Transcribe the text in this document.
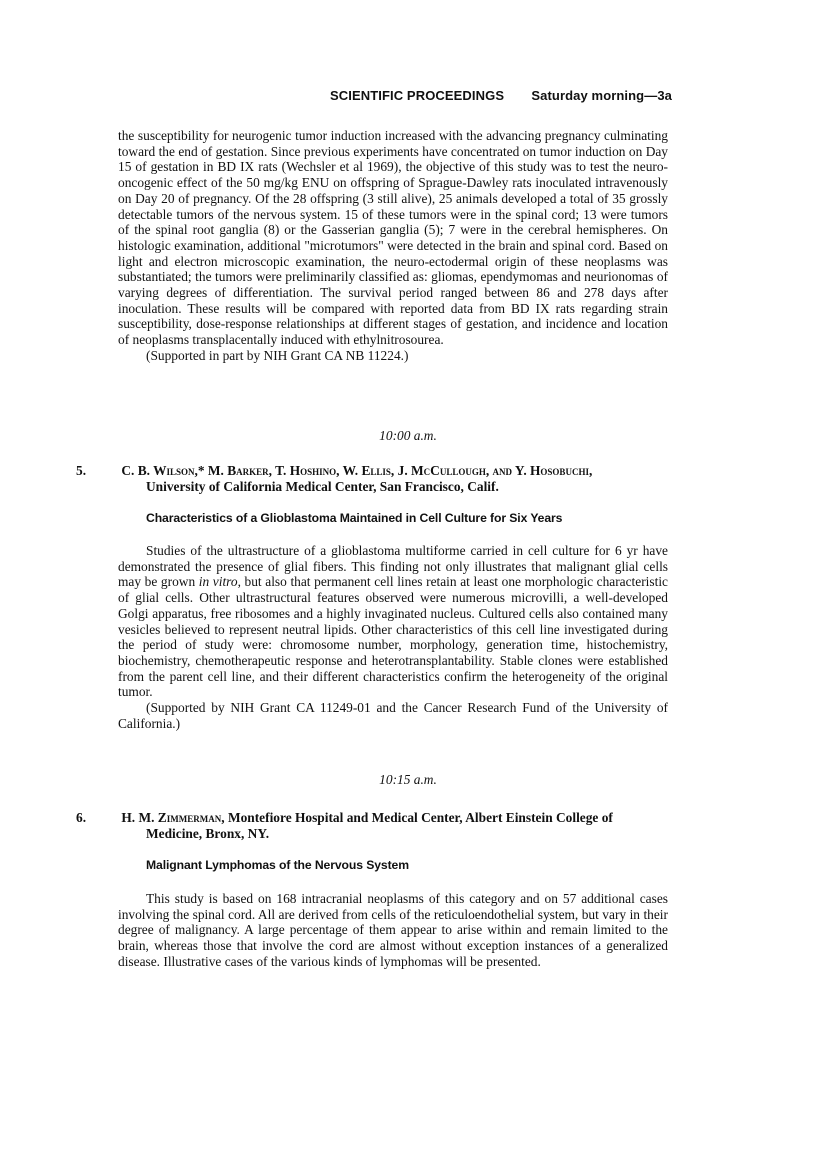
SCIENTIFIC PROCEEDINGS Saturday morning—3a

the susceptibility for neurogenic tumor induction increased with the advancing pregnancy culminating toward the end of gestation. Since previous experiments have concentrated on tumor induction on Day 15 of gestation in BD IX rats (Wechsler et al 1969), the objective of this study was to test the neuro-oncogenic effect of the 50 mg/kg ENU on offspring of Sprague-Dawley rats inoculated intravenously on Day 20 of pregnancy. Of the 28 offspring (3 still alive), 25 animals developed a total of 35 grossly detectable tumors of the nervous system. 15 of these tumors were in the spinal cord; 13 were tumors of the spinal root ganglia (8) or the Gasserian ganglia (5); 7 were in the cerebral hemispheres. On histologic examination, additional "microtumors" were detected in the brain and spinal cord. Based on light and electron microscopic examination, the neuro-ectodermal origin of these neoplasms was substantiated; the tumors were preliminarily classified as: gliomas, ependymomas and neurionomas of varying degrees of differentiation. The survival period ranged between 86 and 278 days after inoculation. These results will be compared with reported data from BD IX rats regarding strain susceptibility, dose-response relationships at different stages of gestation, and incidence and location of neoplasms transplacentally induced with ethylnitrosourea.

(Supported in part by NIH Grant CA NB 11224.)

10:00 a.m.
5.	C. B. Wilson,* M. Barker, T. Hoshino, W. Ellis, J. McCullough, and Y. Hosobuchi,
University of California Medical Center, San Francisco, Calif.
Characteristics of a Glioblastoma Maintained in Cell Culture for Six Years

Studies of the ultrastructure of a glioblastoma multiforme carried in cell culture for 6 yr have demonstrated the presence of glial fibers. This finding not only illustrates that malignant glial cells may be grown in vitro, but also that permanent cell lines retain at least one morphologic characteristic of glial cells. Other ultrastructural features observed were numerous microvilli, a well-developed Golgi apparatus, free ribosomes and a highly invaginated nucleus. Cultured cells also contained many vesicles believed to represent neutral lipids. Other characteristics of this cell line investigated during the period of study were: chromosome number, morphology, generation time, histochemistry, biochemistry, chemotherapeutic response and heterotransplantability. Stable clones were established from the parent cell line, and their different characteristics confirm the heterogeneity of the original tumor.

(Supported by NIH Grant CA 11249-01 and the Cancer Research Fund of the University of California.)

10:15 a.m.
6.	H. M. Zimmerman, Montefiore Hospital and Medical Center, Albert Einstein College of
Medicine, Bronx, NY.
Malignant Lymphomas of the Nervous System

This study is based on 168 intracranial neoplasms of this category and on 57 additional cases involving the spinal cord. All are derived from cells of the reticuloendothelial system, but vary in their degree of malignancy. A large percentage of them appear to arise within and remain limited to the brain, whereas those that involve the cord are almost without exception instances of a generalized disease. Illustrative cases of the various kinds of lymphomas will be presented.
